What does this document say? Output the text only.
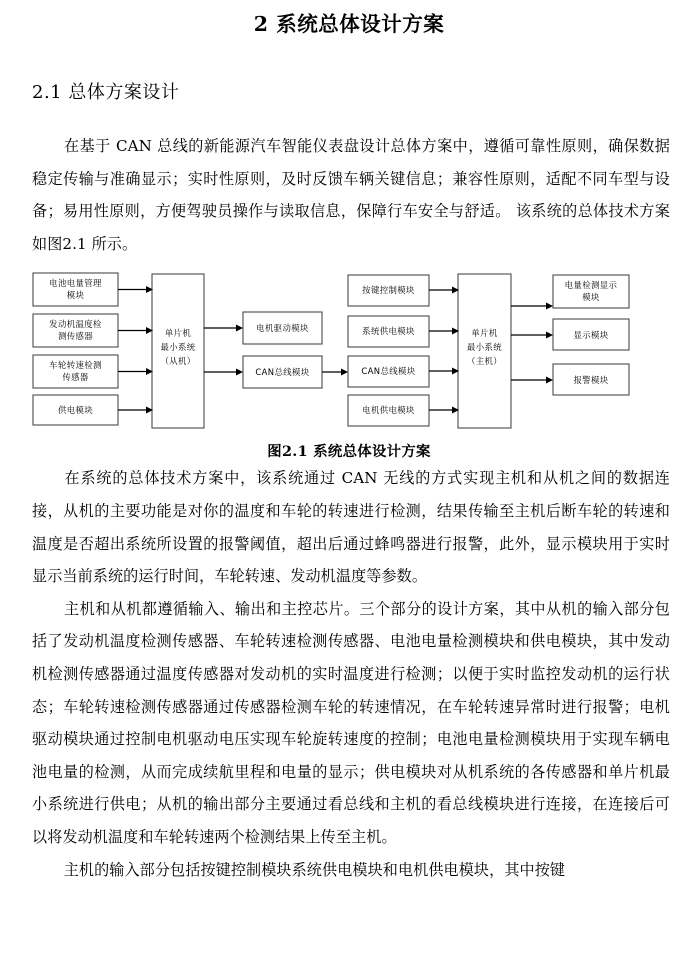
2 系统总体设计方案
2.1 总体方案设计

在基于 CAN 总线的新能源汽车智能仪表盘设计总体方案中，遵循可靠性原则，确保数据稳定传输与准确显示；实时性原则，及时反馈车辆关键信息；兼容性原则，适配不同车型与设备；易用性原则，方便驾驶员操作与读取信息，保障行车安全与舒适。 该系统的总体技术方案如图2.1 所示。

电池电量管理
模块
发动机温度检
测传感器
车轮转速检测
传感器
供电模块
单片机
最小系统
（从机）
电机驱动模块
CAN总线模块
按键控制模块
系统供电模块
CAN总线模块
电机供电模块
单片机
最小系统
（主机）
电量检测显示
模块
显示模块
报警模块

图2.1 系统总体设计方案

在系统的总体技术方案中，该系统通过 CAN 无线的方式实现主机和从机之间的数据连接，从机的主要功能是对你的温度和车轮的转速进行检测，结果传输至主机后断车轮的转速和温度是否超出系统所设置的报警阈值，超出后通过蜂鸣器进行报警，此外，显示模块用于实时显示当前系统的运行时间，车轮转速、发动机温度等参数。

主机和从机都遵循输入、输出和主控芯片。三个部分的设计方案，其中从机的输入部分包括了发动机温度检测传感器、车轮转速检测传感器、电池电量检测模块和供电模块，其中发动机检测传感器通过温度传感器对发动机的实时温度进行检测；以便于实时监控发动机的运行状态；车轮转速检测传感器通过传感器检测车轮的转速情况，在车轮转速异常时进行报警；电机驱动模块通过控制电机驱动电压实现车轮旋转速度的控制；电池电量检测模块用于实现车辆电池电量的检测，从而完成续航里程和电量的显示；供电模块对从机系统的各传感器和单片机最小系统进行供电；从机的输出部分主要通过看总线和主机的看总线模块进行连接，在连接后可以将发动机温度和车轮转速两个检测结果上传至主机。

主机的输入部分包括按键控制模块系统供电模块和电机供电模块，其中按键
